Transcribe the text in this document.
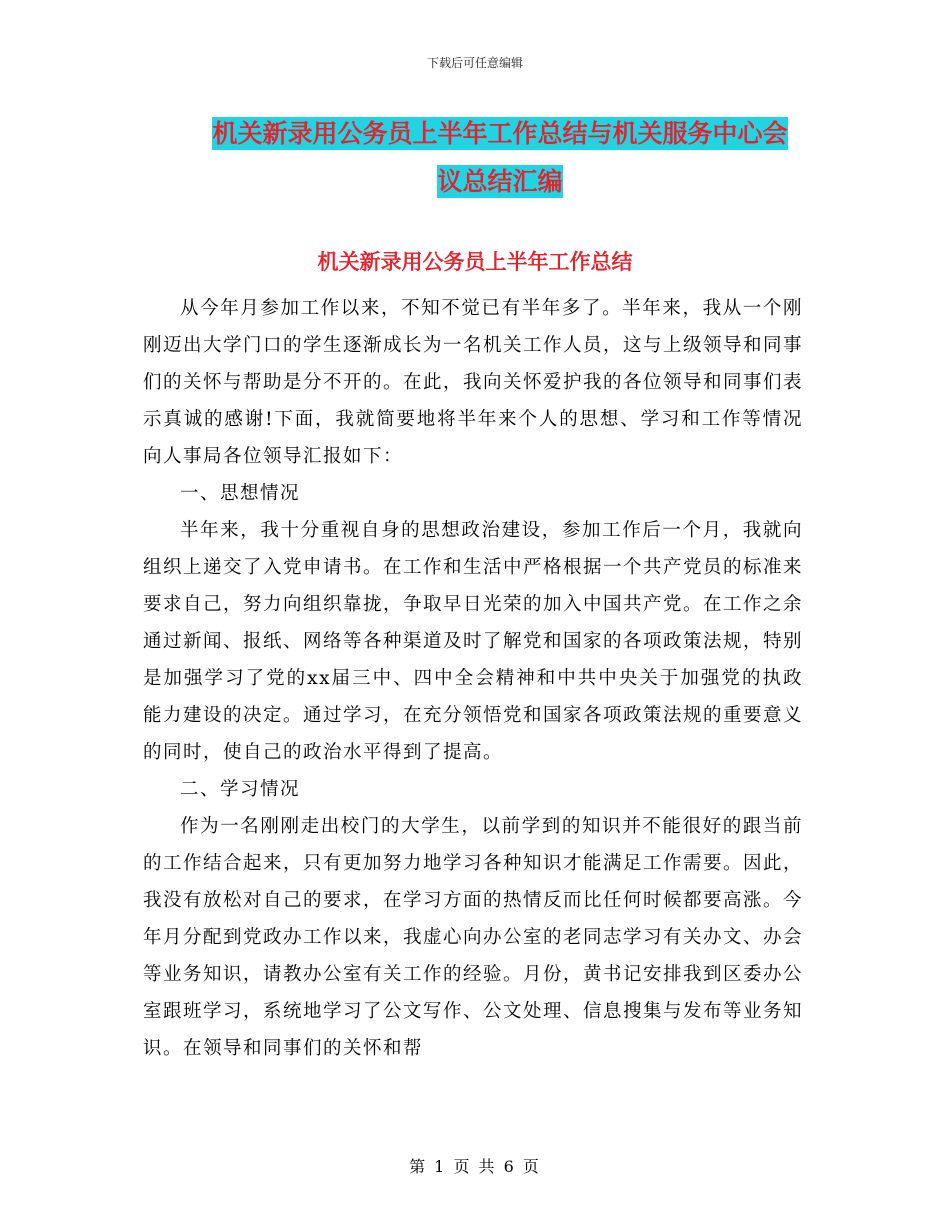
下载后可任意编辑
机关新录用公务员上半年工作总结与机关服务中心会
议总结汇编
机关新录用公务员上半年工作总结

从今年月参加工作以来，不知不觉已有半年多了。半年来，我从一个刚刚迈出大学门口的学生逐渐成长为一名机关工作人员，这与上级领导和同事们的关怀与帮助是分不开的。在此，我向关怀爱护我的各位领导和同事们表示真诚的感谢!下面，我就简要地将半年来个人的思想、学习和工作等情况向人事局各位领导汇报如下：

一、思想情况

半年来，我十分重视自身的思想政治建设，参加工作后一个月，我就向组织上递交了入党申请书。在工作和生活中严格根据一个共产党员的标准来要求自己，努力向组织靠拢，争取早日光荣的加入中国共产党。在工作之余通过新闻、报纸、网络等各种渠道及时了解党和国家的各项政策法规，特别是加强学习了党的xx届三中、四中全会精神和中共中央关于加强党的执政能力建设的决定。通过学习，在充分领悟党和国家各项政策法规的重要意义的同时，使自己的政治水平得到了提高。

二、学习情况

作为一名刚刚走出校门的大学生，以前学到的知识并不能很好的跟当前的工作结合起来，只有更加努力地学习各种知识才能满足工作需要。因此，我没有放松对自己的要求，在学习方面的热情反而比任何时候都要高涨。今年月分配到党政办工作以来，我虚心向办公室的老同志学习有关办文、办会等业务知识，请教办公室有关工作的经验。月份，黄书记安排我到区委办公室跟班学习，系统地学习了公文写作、公文处理、信息搜集与发布等业务知识。在领导和同事们的关怀和帮

第 1 页 共 6 页
